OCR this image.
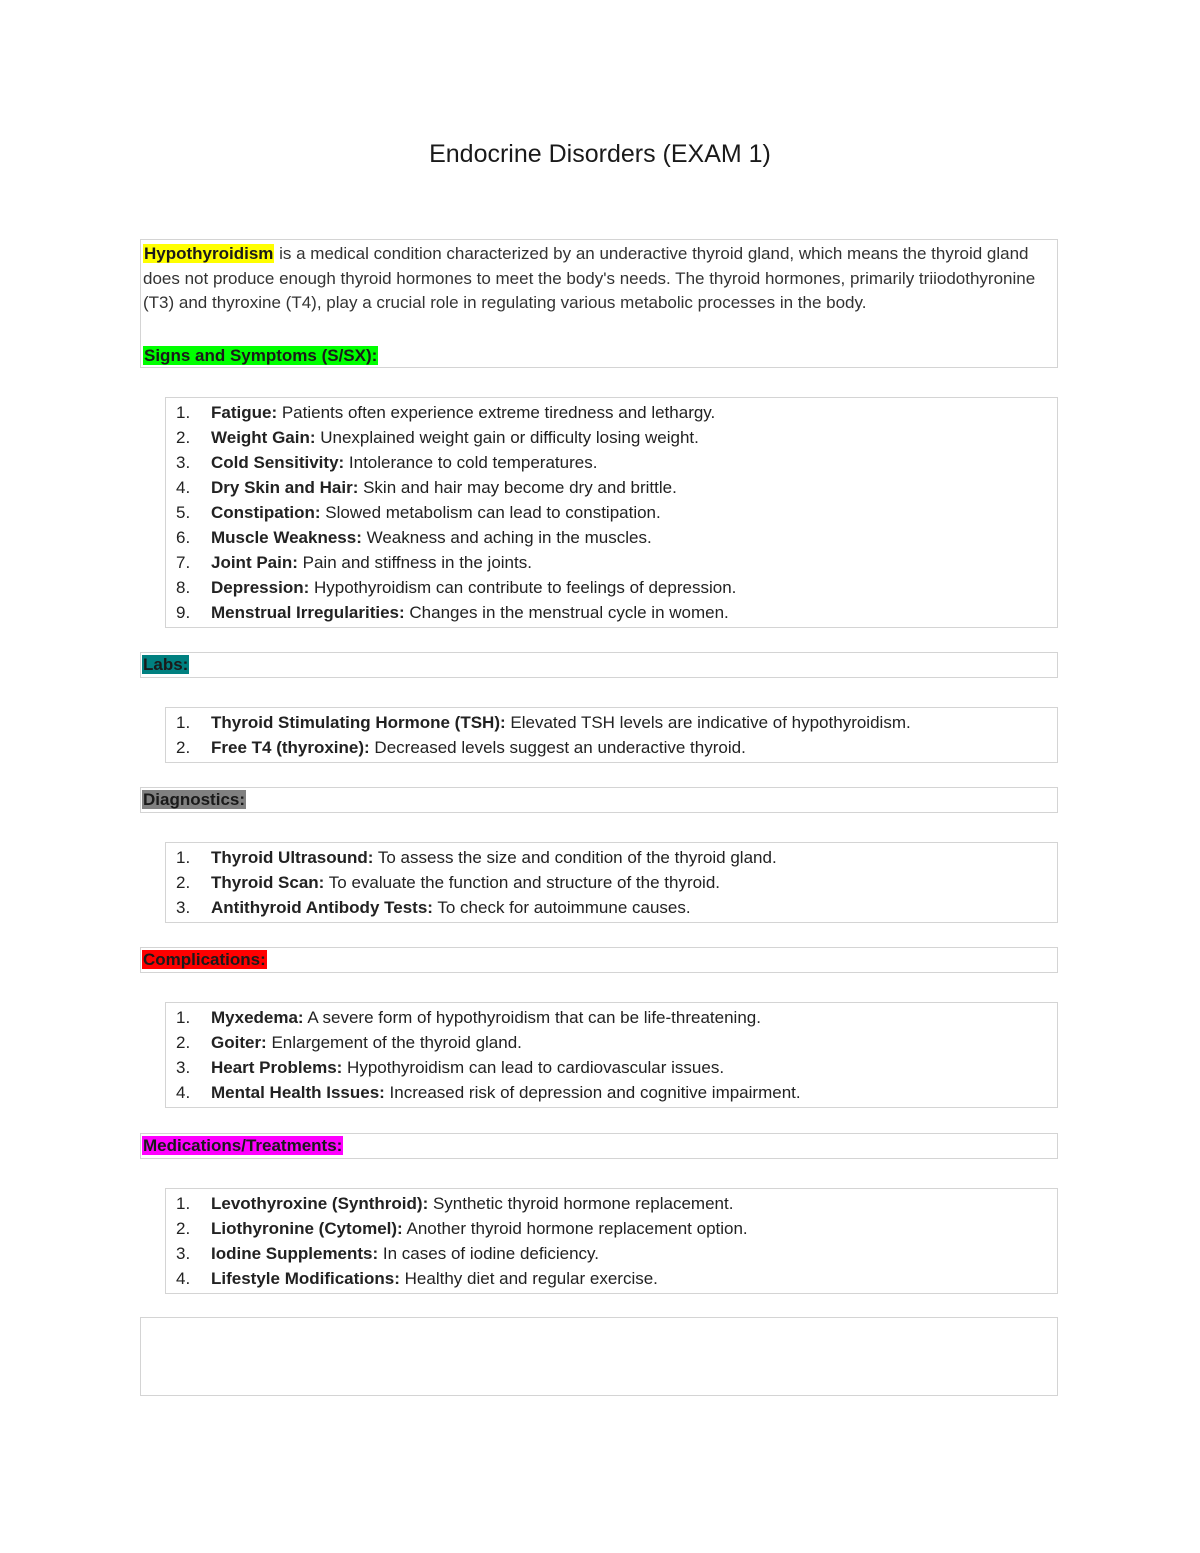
Endocrine Disorders (EXAM 1)

Hypothyroidism is a medical condition characterized by an underactive thyroid gland, which means the thyroid gland does not produce enough thyroid hormones to meet the body's needs. The thyroid hormones, primarily triiodothyronine (T3) and thyroxine (T4), play a crucial role in regulating various metabolic processes in the body.

Signs and Symptoms (S/SX):

1.	Fatigue: Patients often experience extreme tiredness and lethargy.
2.	Weight Gain: Unexplained weight gain or difficulty losing weight.
3.	Cold Sensitivity: Intolerance to cold temperatures.
4.	Dry Skin and Hair: Skin and hair may become dry and brittle.
5.	Constipation: Slowed metabolism can lead to constipation.
6.	Muscle Weakness: Weakness and aching in the muscles.
7.	Joint Pain: Pain and stiffness in the joints.
8.	Depression: Hypothyroidism can contribute to feelings of depression.
9.	Menstrual Irregularities: Changes in the menstrual cycle in women.
Labs:
1.	Thyroid Stimulating Hormone (TSH): Elevated TSH levels are indicative of hypothyroidism.
2.	Free T4 (thyroxine): Decreased levels suggest an underactive thyroid.
Diagnostics:
1.	Thyroid Ultrasound: To assess the size and condition of the thyroid gland.
2.	Thyroid Scan: To evaluate the function and structure of the thyroid.
3.	Antithyroid Antibody Tests: To check for autoimmune causes.
Complications:
1.	Myxedema: A severe form of hypothyroidism that can be life-threatening.
2.	Goiter: Enlargement of the thyroid gland.
3.	Heart Problems: Hypothyroidism can lead to cardiovascular issues.
4.	Mental Health Issues: Increased risk of depression and cognitive impairment.
Medications/Treatments:
1.	Levothyroxine (Synthroid): Synthetic thyroid hormone replacement.
2.	Liothyronine (Cytomel): Another thyroid hormone replacement option.
3.	Iodine Supplements: In cases of iodine deficiency.
4.	Lifestyle Modifications: Healthy diet and regular exercise.
